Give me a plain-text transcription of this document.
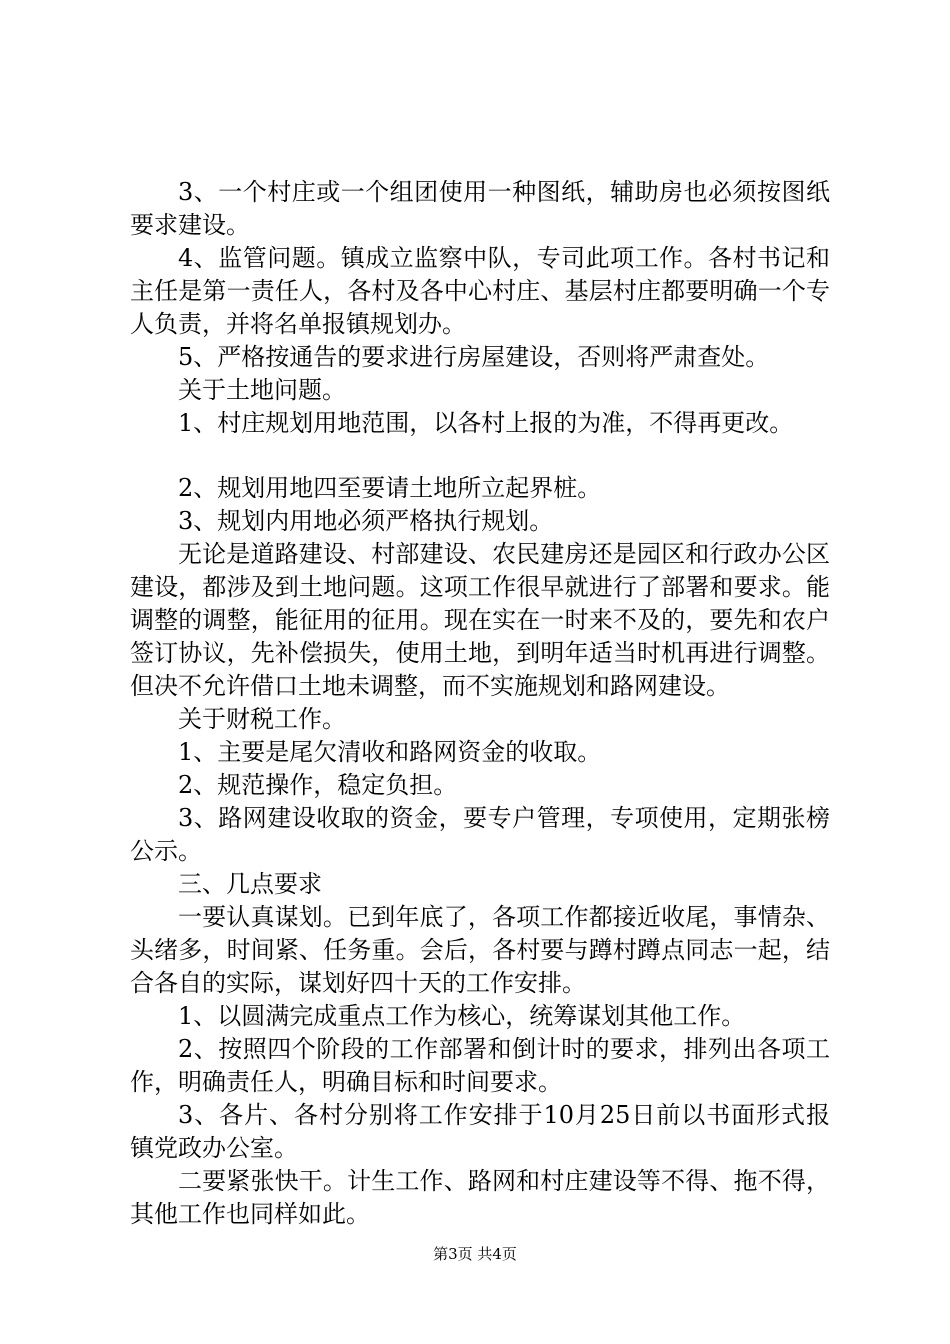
3、一个村庄或一个组团使用一种图纸，辅助房也必须按图纸要求建设。

4、监管问题。镇成立监察中队，专司此项工作。各村书记和主任是第一责任人，各村及各中心村庄、基层村庄都要明确一个专人负责，并将名单报镇规划办。

5、严格按通告的要求进行房屋建设，否则将严肃查处。

关于土地问题。

1、村庄规划用地范围，以各村上报的为准，不得再更改。

2、规划用地四至要请土地所立起界桩。

3、规划内用地必须严格执行规划。

无论是道路建设、村部建设、农民建房还是园区和行政办公区建设，都涉及到土地问题。这项工作很早就进行了部署和要求。能调整的调整，能征用的征用。现在实在一时来不及的，要先和农户签订协议，先补偿损失，使用土地，到明年适当时机再进行调整。但决不允许借口土地未调整，而不实施规划和路网建设。

关于财税工作。

1、主要是尾欠清收和路网资金的收取。

2、规范操作，稳定负担。

3、路网建设收取的资金，要专户管理，专项使用，定期张榜公示。

三、几点要求

一要认真谋划。已到年底了，各项工作都接近收尾，事情杂、头绪多，时间紧、任务重。会后，各村要与蹲村蹲点同志一起，结合各自的实际，谋划好四十天的工作安排。

1、以圆满完成重点工作为核心，统筹谋划其他工作。

2、按照四个阶段的工作部署和倒计时的要求，排列出各项工作，明确责任人，明确目标和时间要求。

3、各片、各村分别将工作安排于10月25日前以书面形式报镇党政办公室。

二要紧张快干。计生工作、路网和村庄建设等不得、拖不得，其他工作也同样如此。

第3页 共4页
